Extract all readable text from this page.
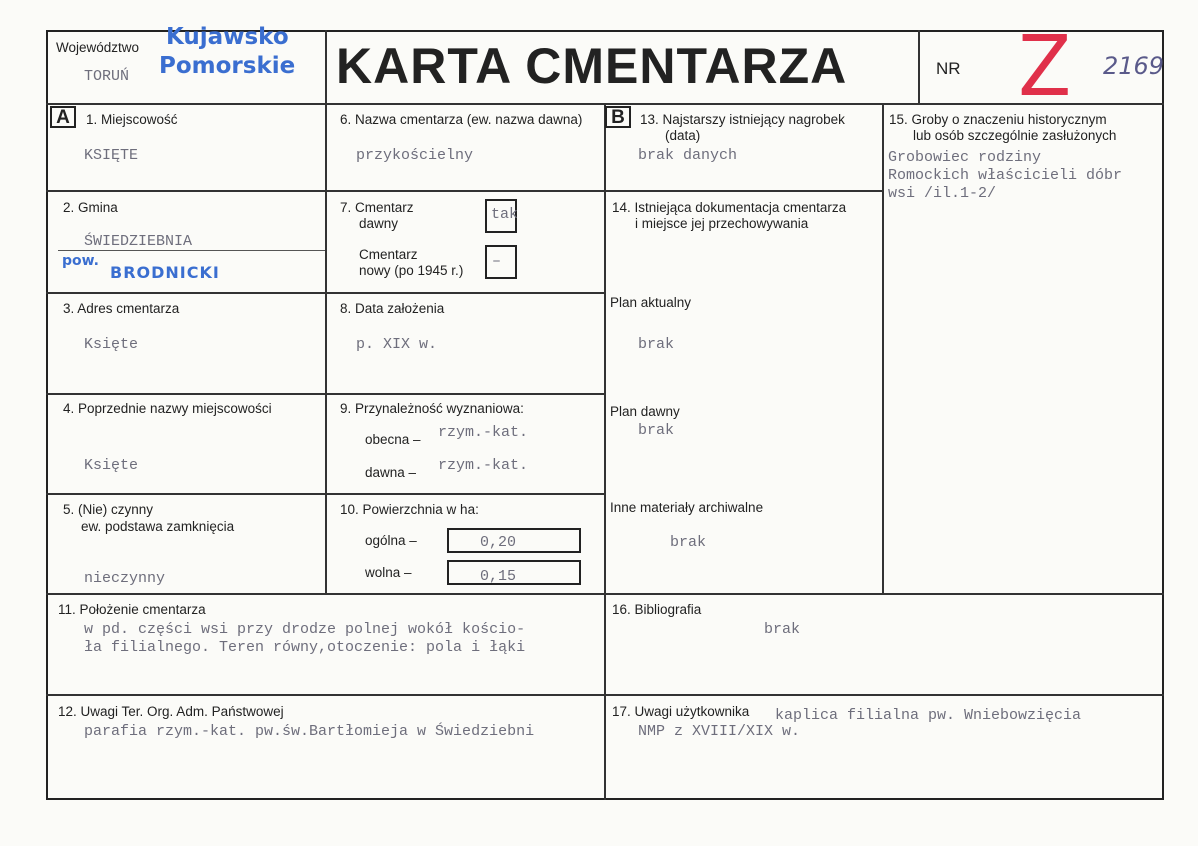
Województwo Kujawsko
Pomorskie
TORUŃ	KARTA CMENTARZA	NR Z 2169
A	B
1. Miejscowość
KSIĘTE
6. Nazwa cmentarza (ew. nazwa dawna)
przykościelny
13. Najstarszy istniejący nagrobek
(data)
brak danych
15. Groby o znaczeniu historycznym
lub osób szczególnie zasłużonych
Grobowiec rodziny
Romockich właścicieli dóbr
wsi /il.1-2/
2. Gmina
ŚWIEDZIEBNIA
pow.
BRODNICKI
7. Cmentarz
dawny
tak
Cmentarz
nowy (po 1945 r.)
–
14. Istniejąca dokumentacja cmentarza
i miejsce jej przechowywania
Plan aktualny
brak
Plan dawny
brak
Inne materiały archiwalne
brak
3. Adres cmentarza
Księte
8. Data założenia
p. XIX w.
4. Poprzednie nazwy miejscowości
Księte
9. Przynależność wyznaniowa:
obecna – rzym.-kat.
dawna – rzym.-kat.
5. (Nie) czynny
ew. podstawa zamknięcia
nieczynny
10. Powierzchnia w ha:
ogólna –	0,20
wolna –	0,15
11. Położenie cmentarza
w pd. części wsi przy drodze polnej wokół kościo-
ła filialnego. Teren równy,otoczenie: pola i łąki
16. Bibliografia
brak
12. Uwagi Ter. Org. Adm. Państwowej
parafia rzym.-kat. pw.św.Bartłomieja w Świedziebni
17. Uwagi użytkownika kaplica filialna pw. Wniebowzięcia
NMP z XVIII/XIX w.
